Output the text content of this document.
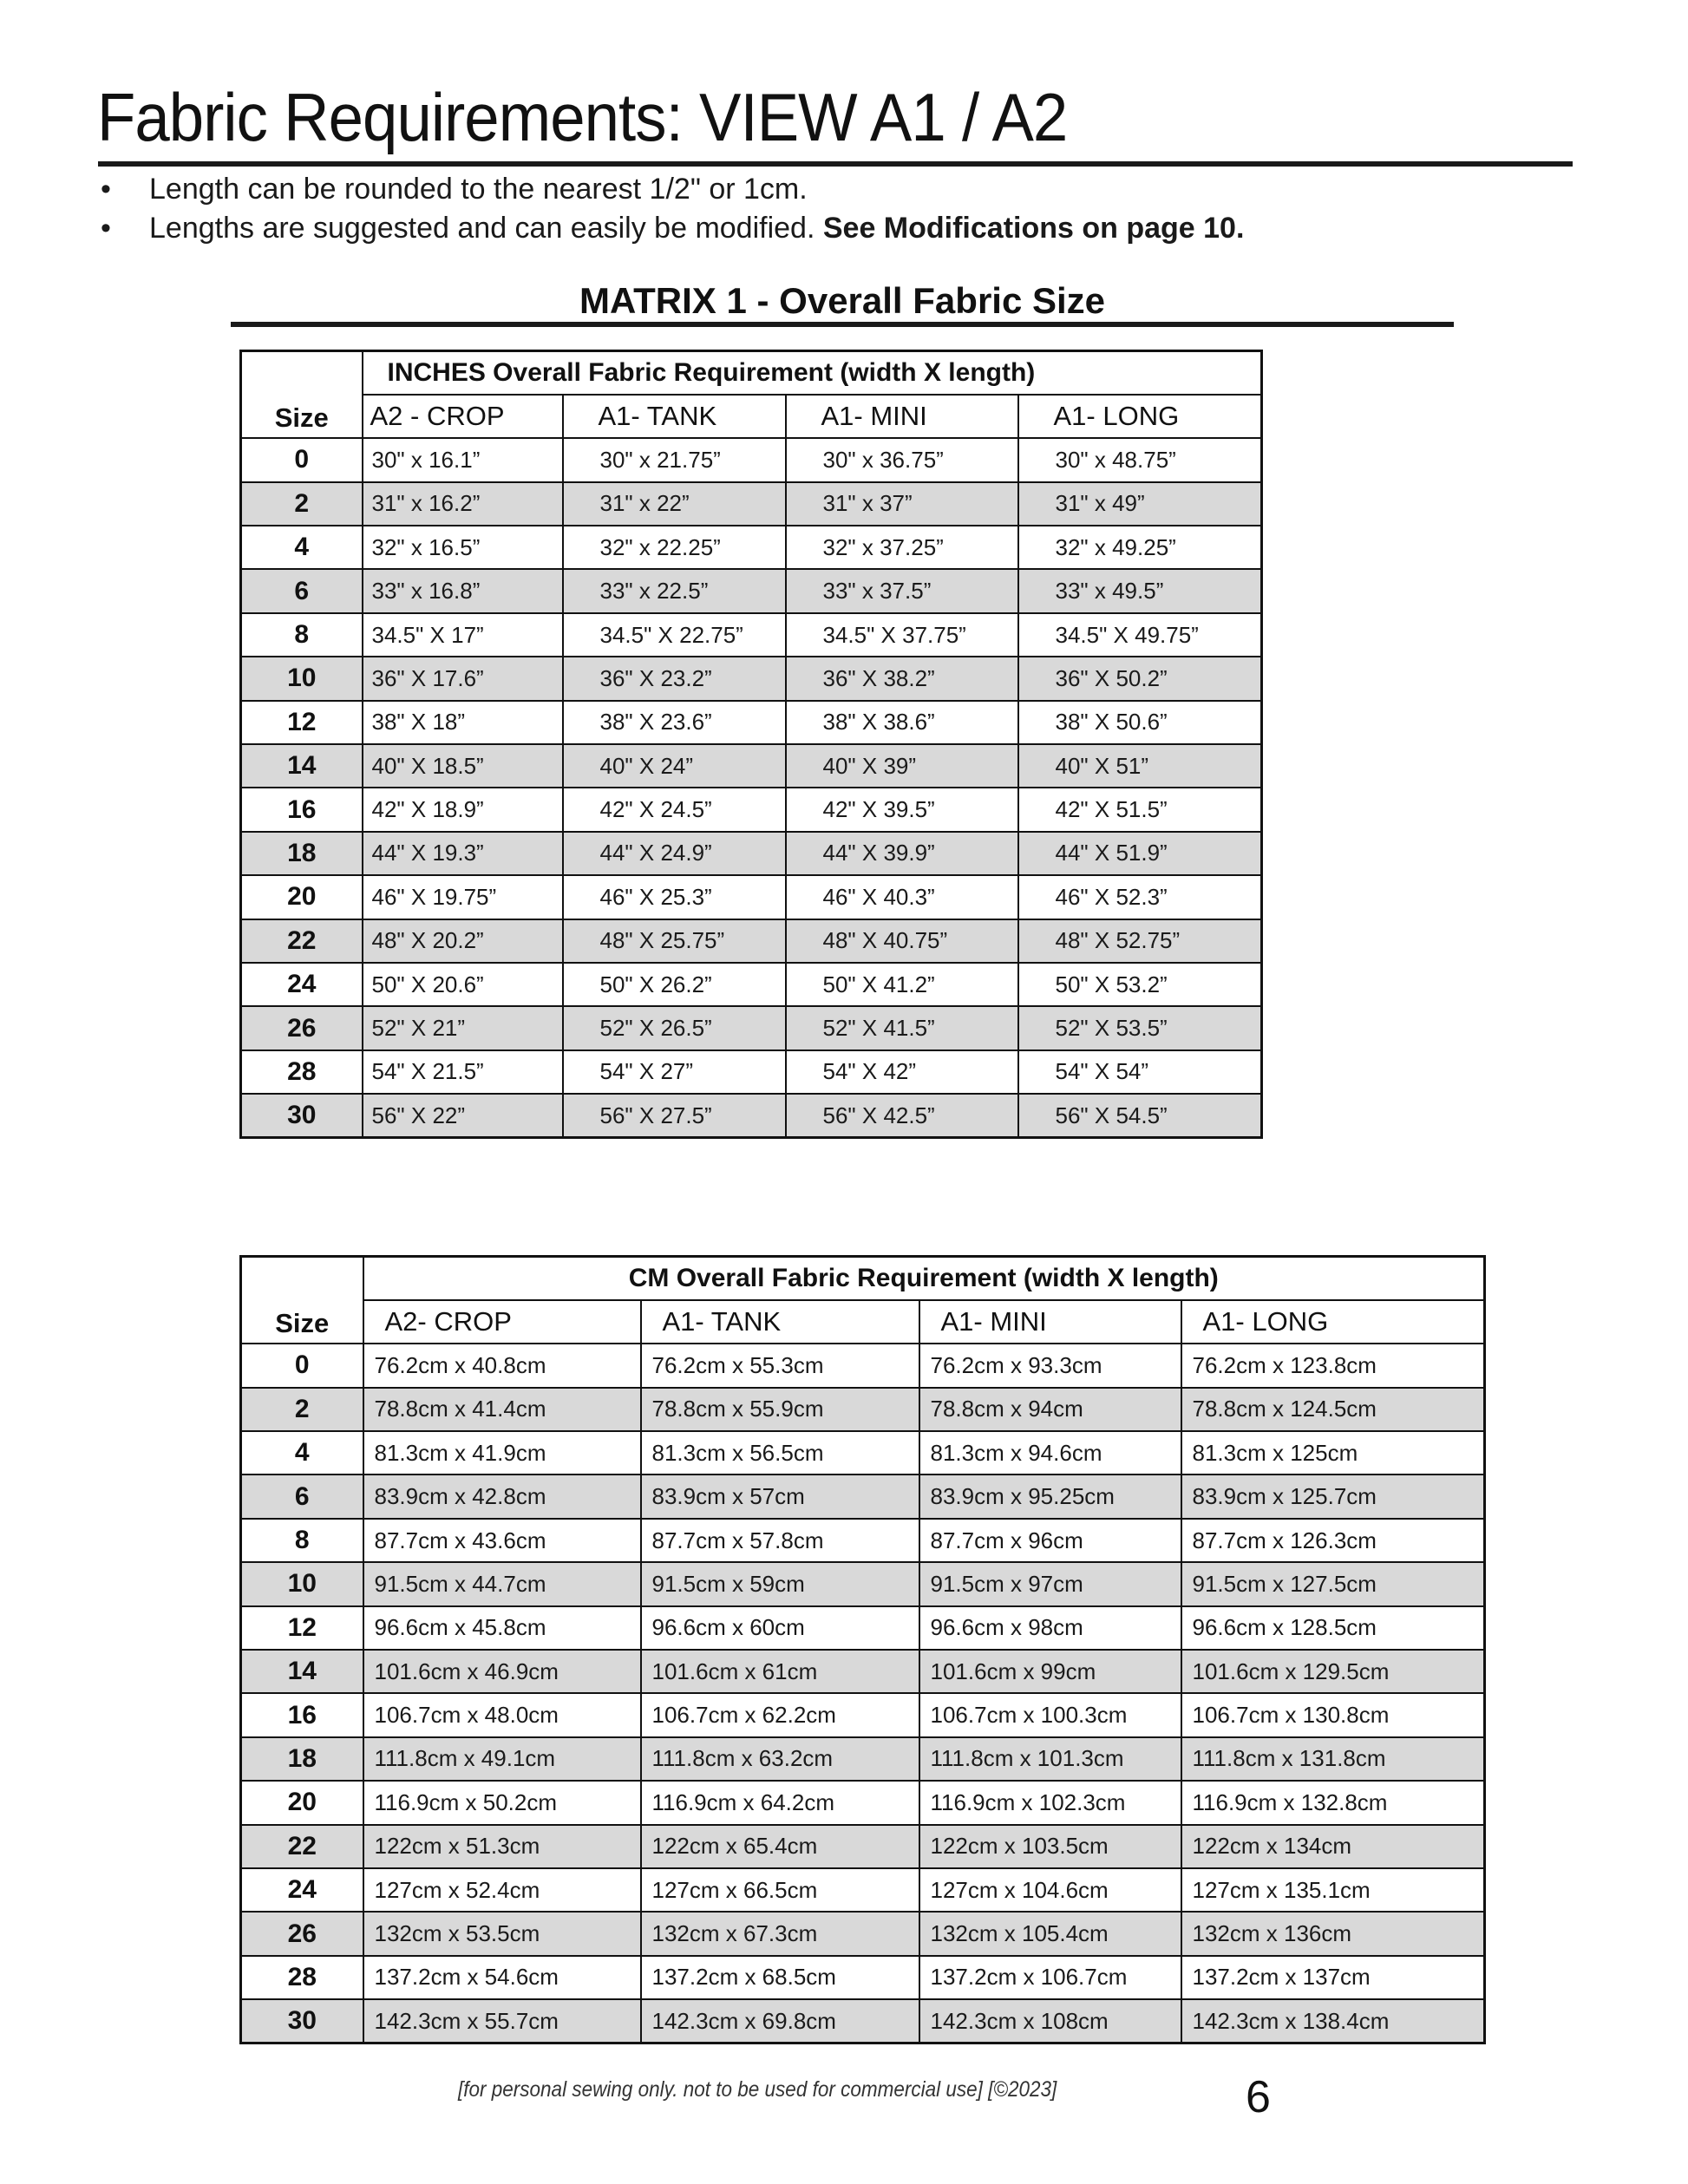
Fabric Requirements: VIEW A1 / A2
• Length can be rounded to the nearest 1/2" or 1cm.
• Lengths are suggested and can easily be modified. See Modifications on page 10.
MATRIX 1 - Overall Fabric Size
Size	INCHES Overall Fabric Requirement (width X length)			
	A2 - CROP	A1- TANK	A1- MINI	A1- LONG
0	30" x 16.1”	30" x 21.75”	30" x 36.75”	30" x 48.75”
2	31" x 16.2”	31" x 22”	31" x 37”	31" x 49”
4	32" x 16.5”	32" x 22.25”	32" x 37.25”	32" x 49.25”
6	33" x 16.8”	33" x 22.5”	33" x 37.5”	33" x 49.5”
8	34.5" X 17”	34.5" X 22.75”	34.5" X 37.75”	34.5" X 49.75”
10	36" X 17.6”	36" X 23.2”	36" X 38.2”	36" X 50.2”
12	38" X 18”	38" X 23.6”	38" X 38.6”	38" X 50.6”
14	40" X 18.5”	40" X 24”	40" X 39”	40" X 51”
16	42" X 18.9”	42" X 24.5”	42" X 39.5”	42" X 51.5”
18	44" X 19.3”	44" X 24.9”	44" X 39.9”	44" X 51.9”
20	46" X 19.75”	46" X 25.3”	46" X 40.3”	46" X 52.3”
22	48" X 20.2”	48" X 25.75”	48" X 40.75”	48" X 52.75”
24	50" X 20.6”	50" X 26.2”	50" X 41.2”	50" X 53.2”
26	52" X 21”	52" X 26.5”	52" X 41.5”	52" X 53.5”
28	54" X 21.5”	54" X 27”	54" X 42”	54" X 54”
30	56" X 22”	56" X 27.5”	56" X 42.5”	56" X 54.5”
Size	CM Overall Fabric Requirement (width X length)			
	A2- CROP	A1- TANK	A1- MINI	A1- LONG
0	76.2cm x 40.8cm	76.2cm x 55.3cm	76.2cm x 93.3cm	76.2cm x 123.8cm
2	78.8cm x 41.4cm	78.8cm x 55.9cm	78.8cm x 94cm	78.8cm x 124.5cm
4	81.3cm x 41.9cm	81.3cm x 56.5cm	81.3cm x 94.6cm	81.3cm x 125cm
6	83.9cm x 42.8cm	83.9cm x 57cm	83.9cm x 95.25cm	83.9cm x 125.7cm
8	87.7cm x 43.6cm	87.7cm x 57.8cm	87.7cm x 96cm	87.7cm x 126.3cm
10	91.5cm x 44.7cm	91.5cm x 59cm	91.5cm x 97cm	91.5cm x 127.5cm
12	96.6cm x 45.8cm	96.6cm x 60cm	96.6cm x 98cm	96.6cm x 128.5cm
14	101.6cm x 46.9cm	101.6cm x 61cm	101.6cm x 99cm	101.6cm x 129.5cm
16	106.7cm x 48.0cm	106.7cm x 62.2cm	106.7cm x 100.3cm	106.7cm x 130.8cm
18	111.8cm x 49.1cm	111.8cm x 63.2cm	111.8cm x 101.3cm	111.8cm x 131.8cm
20	116.9cm x 50.2cm	116.9cm x 64.2cm	116.9cm x 102.3cm	116.9cm x 132.8cm
22	122cm x 51.3cm	122cm x 65.4cm	122cm x 103.5cm	122cm x 134cm
24	127cm x 52.4cm	127cm x 66.5cm	127cm x 104.6cm	127cm x 135.1cm
26	132cm x 53.5cm	132cm x 67.3cm	132cm x 105.4cm	132cm x 136cm
28	137.2cm x 54.6cm	137.2cm x 68.5cm	137.2cm x 106.7cm	137.2cm x 137cm
30	142.3cm x 55.7cm	142.3cm x 69.8cm	142.3cm x 108cm	142.3cm x 138.4cm
[for personal sewing only. not to be used for commercial use] [©2023]	6
